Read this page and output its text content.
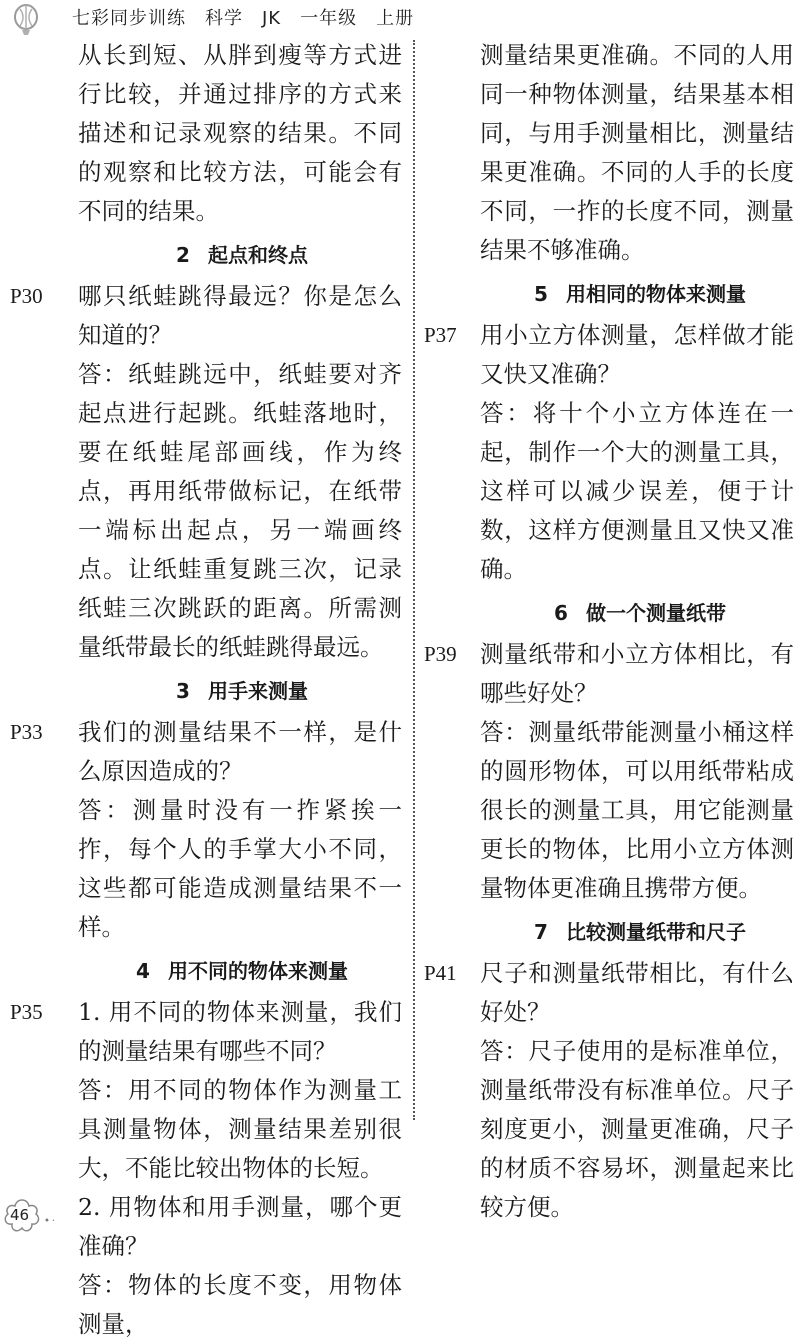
七彩同步训练　科学　JK　一年级　上册

从长到短、从胖到瘦等方式进行比较，并通过排序的方式来描述和记录观察的结果。不同的观察和比较方法，可能会有不同的结果。

2 起点和终点

P30 哪只纸蛙跳得最远？你是怎么知道的？

答：纸蛙跳远中，纸蛙要对齐起点进行起跳。纸蛙落地时，要在纸蛙尾部画线，作为终点，再用纸带做标记，在纸带一端标出起点，另一端画终点。让纸蛙重复跳三次，记录纸蛙三次跳跃的距离。所需测量纸带最长的纸蛙跳得最远。

3 用手来测量

P33 我们的测量结果不一样，是什么原因造成的？

答：测量时没有一拃紧挨一拃，每个人的手掌大小不同，这些都可能造成测量结果不一样。

4 用不同的物体来测量

P35 1. 用不同的物体来测量，我们的测量结果有哪些不同？

答：用不同的物体作为测量工具测量物体，测量结果差别很大，不能比较出物体的长短。

2. 用物体和用手测量，哪个更准确？

答：物体的长度不变，用物体测量，

测量结果更准确。不同的人用同一种物体测量，结果基本相同，与用手测量相比，测量结果更准确。不同的人手的长度不同，一拃的长度不同，测量结果不够准确。

5 用相同的物体来测量

P37 用小立方体测量，怎样做才能又快又准确？

答：将十个小立方体连在一起，制作一个大的测量工具，这样可以减少误差，便于计数，这样方便测量且又快又准确。

6 做一个测量纸带

P39 测量纸带和小立方体相比，有哪些好处？

答：测量纸带能测量小桶这样的圆形物体，可以用纸带粘成很长的测量工具，用它能测量更长的物体，比用小立方体测量物体更准确且携带方便。

7 比较测量纸带和尺子

P41 尺子和测量纸带相比，有什么好处？

答：尺子使用的是标准单位，测量纸带没有标准单位。尺子刻度更小，测量更准确，尺子的材质不容易坏，测量起来比较方便。

46 •·
